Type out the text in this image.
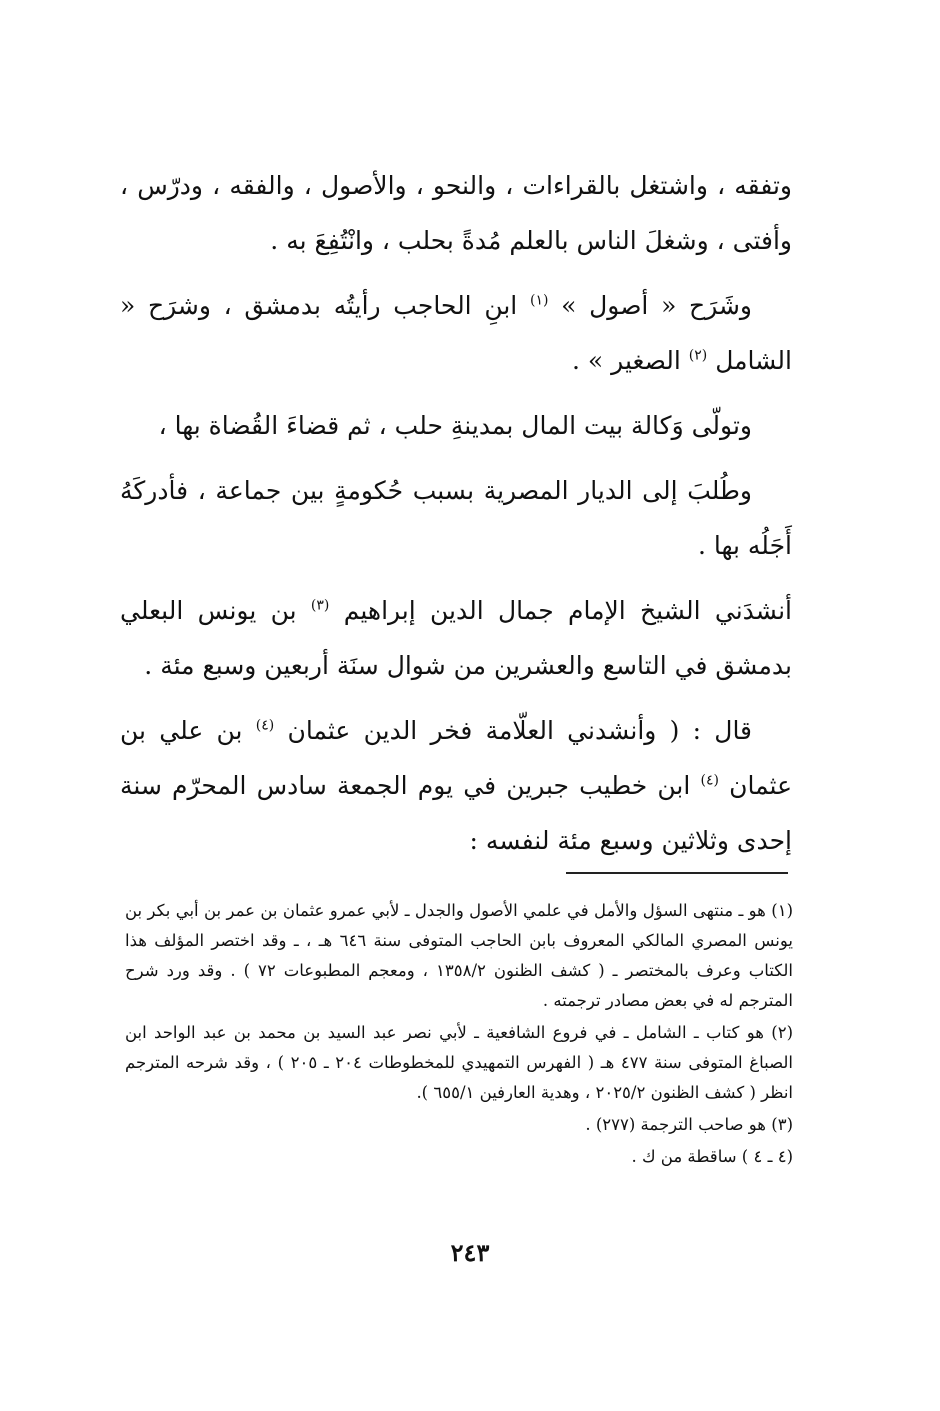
وتفقه ، واشتغل بالقراءات ، والنحو ، والأصول ، والفقه ، ودرّس ، وأفتى ، وشغلَ الناس بالعلم مُدةً بحلب ، وانْتُفِعَ به .

وشَرَح « أصول » $^{(١)}$ ابنِ الحاجب رأيتُه بدمشق ، وشرَح « الشامل $^{(٢)}$ الصغير » .

وتولّى وَكالة بيت المال بمدينةِ حلب ، ثم قضاءَ القُضاة بها ،

وطُلبَ إلى الديار المصرية بسبب حُكومةٍ بين جماعة ، فأدركَهُ أَجَلُه بها .

أنشدَني الشيخ الإمام جمال الدين إبراهيم $^{(٣)}$ بن يونس البعلي بدمشق في التاسع والعشرين من شوال سنَة أربعين وسبع مئة .

قال : ( وأنشدني العلّامة فخر الدين عثمان $^{(٤)}$ بن علي بن عثمان $^{(٤)}$ ابن خطيب جبرين في يوم الجمعة سادس المحرّم سنة إحدى وثلاثين وسبع مئة لنفسه :

(١) هو ـ منتهى السؤل والأمل في علمي الأصول والجدل ـ لأبي عمرو عثمان بن عمر بن أبي بكر بن يونس المصري المالكي المعروف بابن الحاجب المتوفى سنة ٦٤٦ هـ ، ـ وقد اختصر المؤلف هذا الكتاب وعرف بالمختصر ـ ( كشف الظنون ١٣٥٨/٢ ، ومعجم المطبوعات ٧٢ ) . وقد ورد شرح المترجم له في بعض مصادر ترجمته .

(٢) هو كتاب ـ الشامل ـ في فروع الشافعية ـ لأبي نصر عبد السيد بن محمد بن عبد الواحد ابن الصباغ المتوفى سنة ٤٧٧ هـ ( الفهرس التمهيدي للمخطوطات ٢٠٤ ـ ٢٠٥ ) ، وقد شرحه المترجم انظر ( كشف الظنون ٢٠٢٥/٢ ، وهدية العارفين ٦٥٥/١ ).

(٣) هو صاحب الترجمة (٢٧٧) .

(٤ ـ ٤ ) ساقطة من ك .

٢٤٣
